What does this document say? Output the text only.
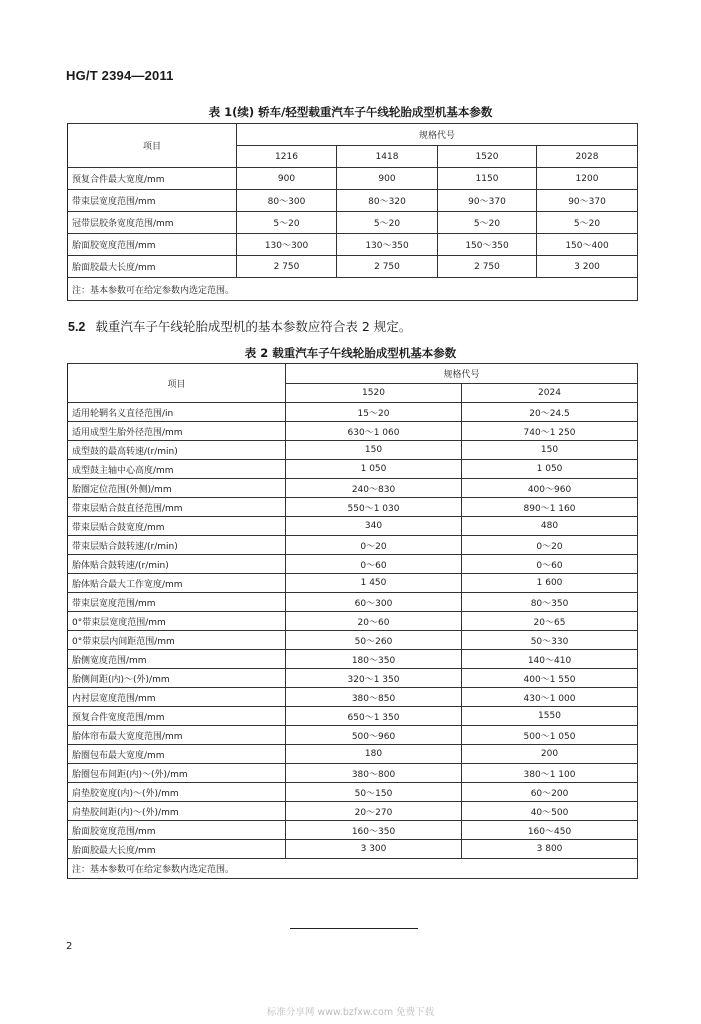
HG/T 2394—2011
表 1(续) 轿车/轻型载重汽车子午线轮胎成型机基本参数
项目	规格代号			
	1216	1418	1520	2028
预复合件最大宽度/mm	900	900	1150	1200
带束层宽度范围/mm	80～300	80～320	90～370	90～370
冠带层胶条宽度范围/mm	5～20	5～20	5～20	5～20
胎面胶宽度范围/mm	130～300	130～350	150～350	150～400
胎面胶最大长度/mm	2 750	2 750	2 750	3 200
注：基本参数可在给定参数内选定范围。				
5.2 载重汽车子午线轮胎成型机的基本参数应符合表 2 规定。
表 2 载重汽车子午线轮胎成型机基本参数
项目	规格代号	
	1520	2024
适用轮辋名义直径范围/in	15～20	20～24.5
适用成型生胎外径范围/mm	630～1 060	740～1 250
成型鼓的最高转速/(r/min)	150	150
成型鼓主轴中心高度/mm	1 050	1 050
胎圈定位范围(外侧)/mm	240～830	400～960
带束层贴合鼓直径范围/mm	550～1 030	890～1 160
带束层贴合鼓宽度/mm	340	480
带束层贴合鼓转速/(r/min)	0～20	0～20
胎体贴合鼓转速/(r/min)	0～60	0～60
胎体贴合最大工作宽度/mm	1 450	1 600
带束层宽度范围/mm	60～300	80～350
0°带束层宽度范围/mm	20～60	20～65
0°带束层内间距范围/mm	50～260	50～330
胎侧宽度范围/mm	180～350	140～410
胎侧间距(内)～(外)/mm	320～1 350	400～1 550
内衬层宽度范围/mm	380～850	430～1 000
预复合件宽度范围/mm	650～1 350	1550
胎体帘布最大宽度范围/mm	500～960	500～1 050
胎圈包布最大宽度/mm	180	200
胎圈包布间距(内)～(外)/mm	380～800	380～1 100
肩垫胶宽度(内)～(外)/mm	50～150	60～200
肩垫胶间距(内)～(外)/mm	20～270	40～500
胎面胶宽度范围/mm	160～350	160～450
胎面胶最大长度/mm	3 300	3 800
注：基本参数可在给定参数内选定范围。		
2
标准分享网 www.bzfxw.com 免费下载
